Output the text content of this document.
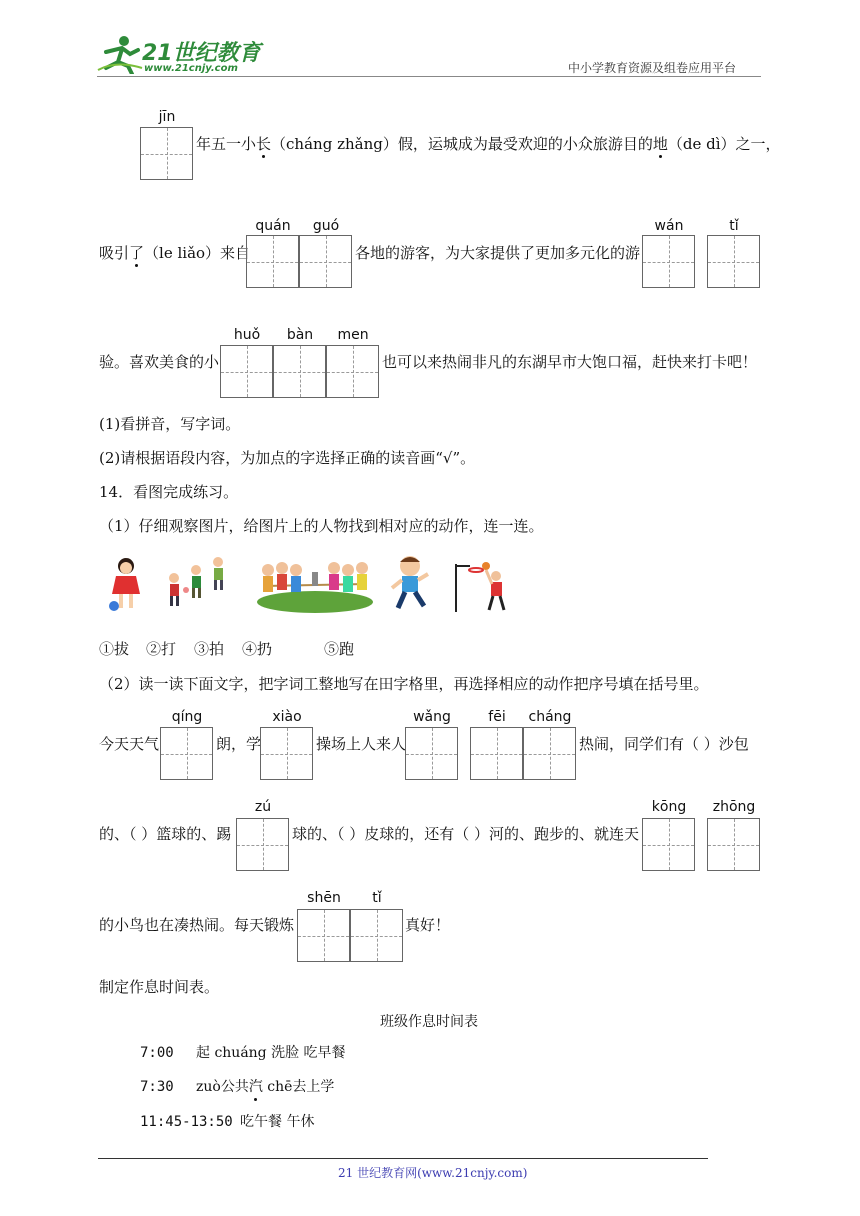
21世纪教育
www.21cnjy.com	中小学教育资源及组卷应用平台
jīn
年五一小长（cháng zhǎng）假，运城成为最受欢迎的小众旅游目的地（de dì）之一，
吸引了（le liǎo）来自
quán	guó
各地的游客，为大家提供了更加多元化的游
wán	tǐ
验。喜欢美食的小
huǒ	bàn	men
也可以来热闹非凡的东湖早市大饱口福，赶快来打卡吧！
(1)看拼音，写字词。
(2)请根据语段内容，为加点的字选择正确的读音画“√”。
14．看图完成练习。
（1）仔细观察图片，给图片上的人物找到相对应的动作，连一连。
①拔 ②打 ③拍 ④扔	⑤跑
（2）读一读下面文字，把字词工整地写在田字格里，再选择相应的动作把序号填在括号里。
今天天气
qíng
朗，学
xiào
操场上人来人
wǎng	fēi	cháng
热闹，同学们有（ ）沙包
的、（ ）篮球的、踢
zú
球的、（ ）皮球的，还有（ ）河的、跑步的、就连天
kōng	zhōng
的小鸟也在凑热闹。每天锻炼
shēn	tǐ
真好！
制定作息时间表。
班级作息时间表
7:00 起 chuáng 洗脸 吃早餐
7:30 zuò公共汽 chē去上学
11:45-13:50 吃午餐 午休
21 世纪教育网(www.21cnjy.com)
